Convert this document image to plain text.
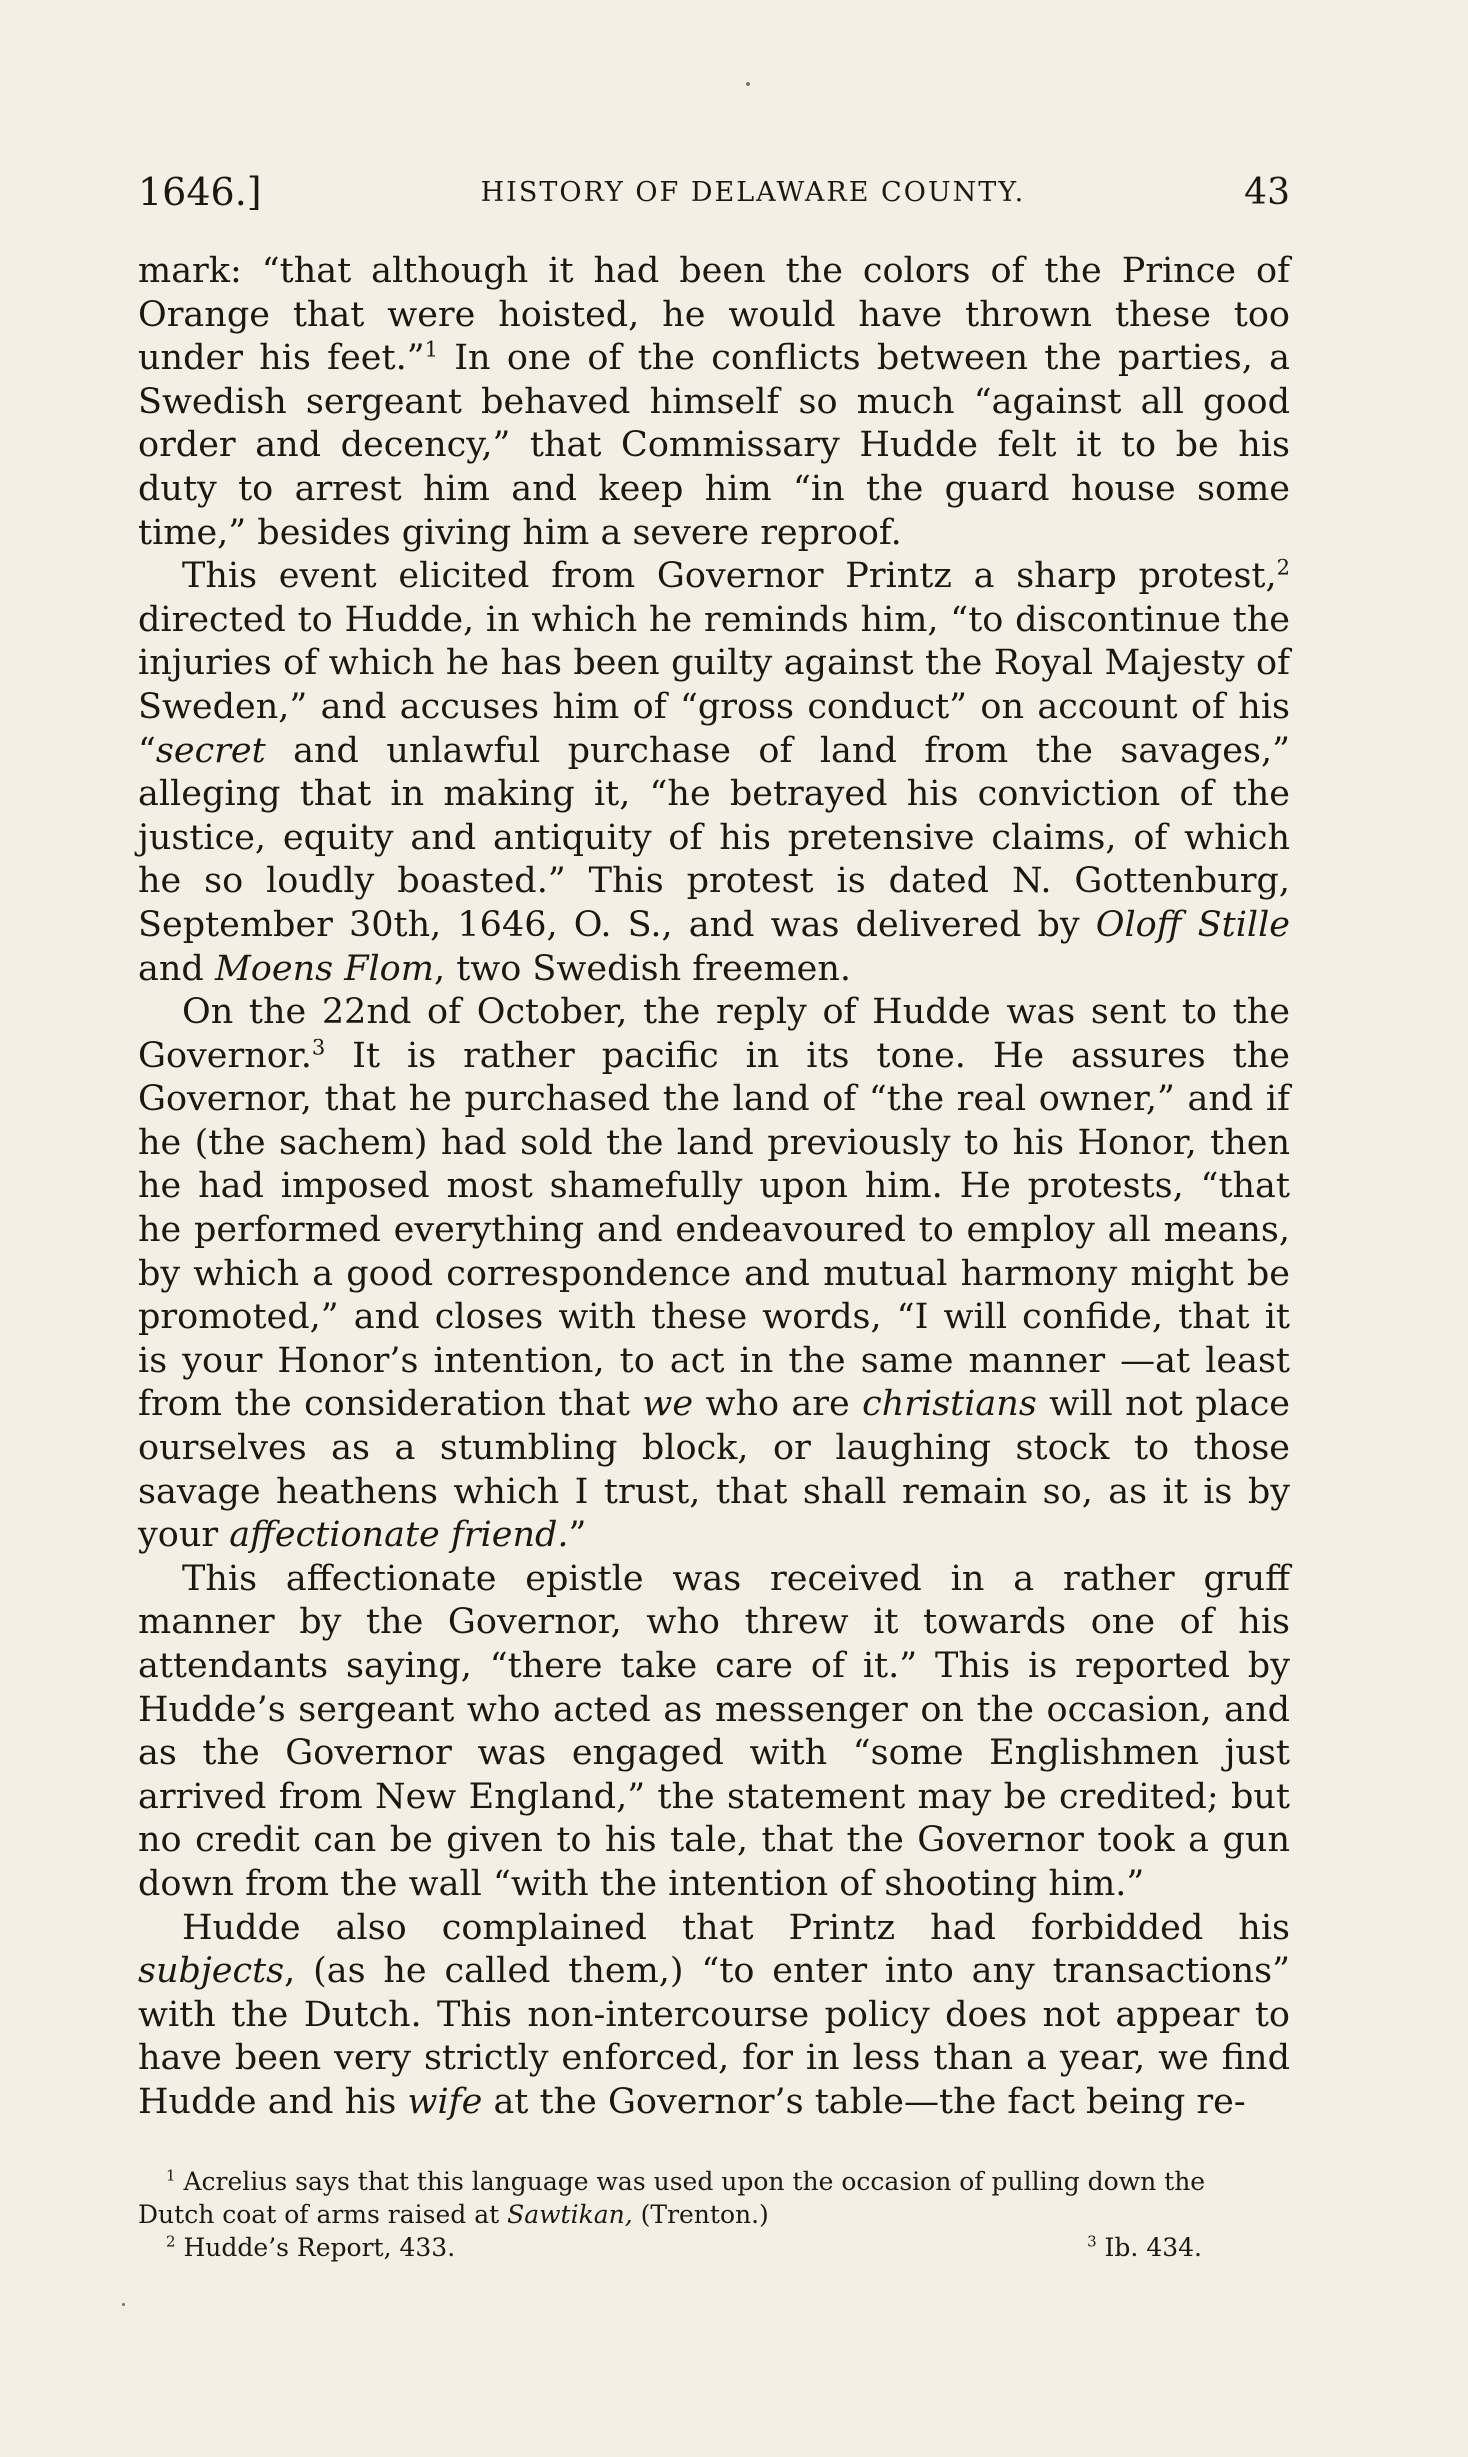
1646.]	HISTORY OF DELAWARE COUNTY.	43

mark: “that although it had been the colors of the Prince of Orange that were hoisted, he would have thrown these too under his feet.”$^1$ In one of the conflicts between the parties, a Swedish sergeant behaved himself so much “against all good order and decency,” that Commissary Hudde felt it to be his duty to arrest him and keep him “in the guard house some time,” besides giving him a severe reproof.

This event elicited from Governor Printz a sharp protest,$^2$ directed to Hudde, in which he reminds him, “to discontinue the injuries of which he has been guilty against the Royal Majesty of Sweden,” and accuses him of “gross conduct” on account of his “secret and unlawful purchase of land from the savages,” alleging that in making it, “he betrayed his conviction of the justice, equity and antiquity of his pretensive claims, of which he so loudly boasted.” This protest is dated N. Gottenburg, September 30th, 1646, O. S., and was delivered by Oloff Stille and Moens Flom, two Swedish freemen.

On the 22nd of October, the reply of Hudde was sent to the Governor.$^3$ It is rather pacific in its tone. He assures the Governor, that he purchased the land of “the real owner,” and if he (the sachem) had sold the land previously to his Honor, then he had imposed most shamefully upon him. He protests, “that he performed everything and endeavoured to employ all means, by which a good correspondence and mutual harmony might be promoted,” and closes with these words, “I will confide, that it is your Honor’s intention, to act in the same manner —at least from the consideration that we who are christians will not place ourselves as a stumbling block, or laughing stock to those savage heathens which I trust, that shall remain so, as it is by your affectionate friend.”

This affectionate epistle was received in a rather gruff manner by the Governor, who threw it towards one of his attendants saying, “there take care of it.” This is reported by Hudde’s sergeant who acted as messenger on the occasion, and as the Governor was engaged with “some Englishmen just arrived from New England,” the statement may be credited; but no credit can be given to his tale, that the Governor took a gun down from the wall “with the intention of shooting him.”

Hudde also complained that Printz had forbidded his subjects, (as he called them,) “to enter into any transactions” with the Dutch. This non-intercourse policy does not appear to have been very strictly enforced, for in less than a year, we find Hudde and his wife at the Governor’s table—the fact being re-

$^1$ Acrelius says that this language was used upon the occasion of pulling down the
Dutch coat of arms raised at Sawtikan, (Trenton.)
$^2$ Hudde’s Report, 433.	$^3$ Ib. 434.
